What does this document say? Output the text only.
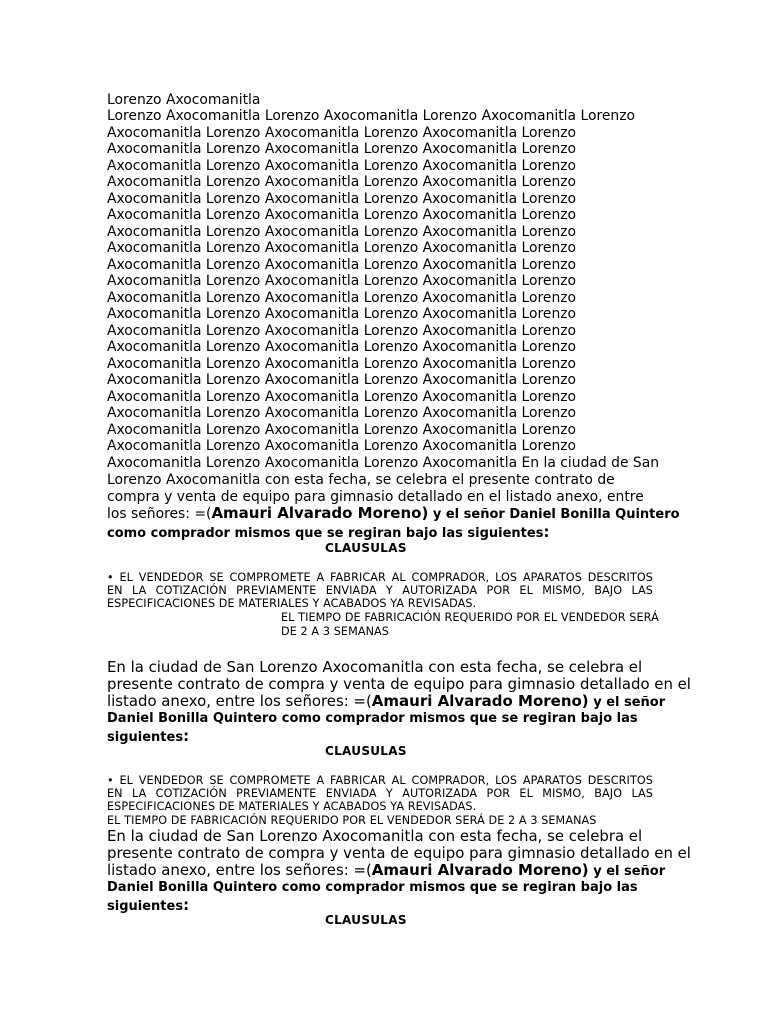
Lorenzo Axocomanitla
Lorenzo Axocomanitla Lorenzo Axocomanitla Lorenzo Axocomanitla Lorenzo
Axocomanitla Lorenzo Axocomanitla Lorenzo Axocomanitla Lorenzo
Axocomanitla Lorenzo Axocomanitla Lorenzo Axocomanitla Lorenzo
Axocomanitla Lorenzo Axocomanitla Lorenzo Axocomanitla Lorenzo
Axocomanitla Lorenzo Axocomanitla Lorenzo Axocomanitla Lorenzo
Axocomanitla Lorenzo Axocomanitla Lorenzo Axocomanitla Lorenzo
Axocomanitla Lorenzo Axocomanitla Lorenzo Axocomanitla Lorenzo
Axocomanitla Lorenzo Axocomanitla Lorenzo Axocomanitla Lorenzo
Axocomanitla Lorenzo Axocomanitla Lorenzo Axocomanitla Lorenzo
Axocomanitla Lorenzo Axocomanitla Lorenzo Axocomanitla Lorenzo
Axocomanitla Lorenzo Axocomanitla Lorenzo Axocomanitla Lorenzo
Axocomanitla Lorenzo Axocomanitla Lorenzo Axocomanitla Lorenzo
Axocomanitla Lorenzo Axocomanitla Lorenzo Axocomanitla Lorenzo
Axocomanitla Lorenzo Axocomanitla Lorenzo Axocomanitla Lorenzo
Axocomanitla Lorenzo Axocomanitla Lorenzo Axocomanitla Lorenzo
Axocomanitla Lorenzo Axocomanitla Lorenzo Axocomanitla Lorenzo
Axocomanitla Lorenzo Axocomanitla Lorenzo Axocomanitla Lorenzo
Axocomanitla Lorenzo Axocomanitla Lorenzo Axocomanitla Lorenzo
Axocomanitla Lorenzo Axocomanitla Lorenzo Axocomanitla Lorenzo
Axocomanitla Lorenzo Axocomanitla Lorenzo Axocomanitla Lorenzo
Axocomanitla Lorenzo Axocomanitla Lorenzo Axocomanitla Lorenzo
Axocomanitla Lorenzo Axocomanitla Lorenzo Axocomanitla En la ciudad de San
Lorenzo Axocomanitla con esta fecha, se celebra el presente contrato de
compra y venta de equipo para gimnasio detallado en el listado anexo, entre
los señores: =(Amauri Alvarado Moreno) y el señor Daniel Bonilla Quintero
como comprador mismos que se regiran bajo las siguientes:
CLAUSULAS
• EL VENDEDOR SE COMPROMETE A FABRICAR AL COMPRADOR, LOS APARATOS DESCRITOS
EN LA COTIZACIÓN PREVIAMENTE ENVIADA Y AUTORIZADA POR EL MISMO, BAJO LAS
ESPECIFICACIONES DE MATERIALES Y ACABADOS YA REVISADAS.
EL TIEMPO DE FABRICACIÓN REQUERIDO POR EL VENDEDOR SERÁ
DE 2 A 3 SEMANAS
En la ciudad de San Lorenzo Axocomanitla con esta fecha, se celebra el
presente contrato de compra y venta de equipo para gimnasio detallado en el
listado anexo, entre los señores: =(Amauri Alvarado Moreno) y el señor
Daniel Bonilla Quintero como comprador mismos que se regiran bajo las
siguientes:
CLAUSULAS
• EL VENDEDOR SE COMPROMETE A FABRICAR AL COMPRADOR, LOS APARATOS DESCRITOS
EN LA COTIZACIÓN PREVIAMENTE ENVIADA Y AUTORIZADA POR EL MISMO, BAJO LAS
ESPECIFICACIONES DE MATERIALES Y ACABADOS YA REVISADAS.
EL TIEMPO DE FABRICACIÓN REQUERIDO POR EL VENDEDOR SERÁ DE 2 A 3 SEMANAS
En la ciudad de San Lorenzo Axocomanitla con esta fecha, se celebra el
presente contrato de compra y venta de equipo para gimnasio detallado en el
listado anexo, entre los señores: =(Amauri Alvarado Moreno) y el señor
Daniel Bonilla Quintero como comprador mismos que se regiran bajo las
siguientes:
CLAUSULAS
